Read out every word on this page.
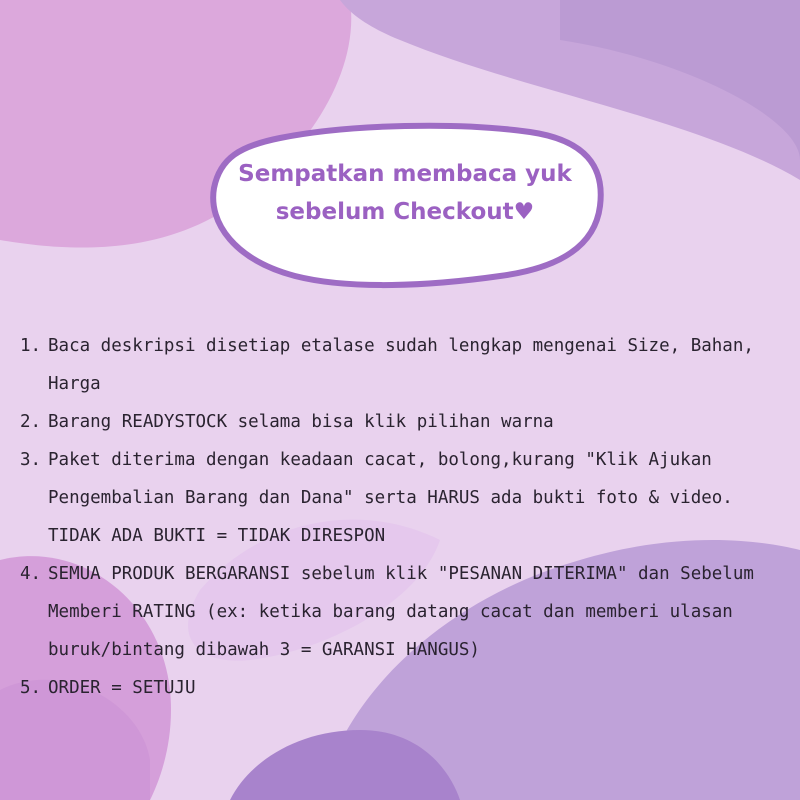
Sempatkan membaca yuk
sebelum Checkout♥
1. Baca deskripsi disetiap etalase sudah lengkap mengenai Size, Bahan, Harga
2. Barang READYSTOCK selama bisa klik pilihan warna
3. Paket diterima dengan keadaan cacat, bolong,kurang "Klik Ajukan Pengembalian Barang dan Dana" serta HARUS ada bukti foto & video. TIDAK ADA BUKTI = TIDAK DIRESPON
4. SEMUA PRODUK BERGARANSI sebelum klik "PESANAN DITERIMA" dan Sebelum Memberi RATING (ex: ketika barang datang cacat dan memberi ulasan buruk/bintang dibawah 3 = GARANSI HANGUS)
5. ORDER = SETUJU
